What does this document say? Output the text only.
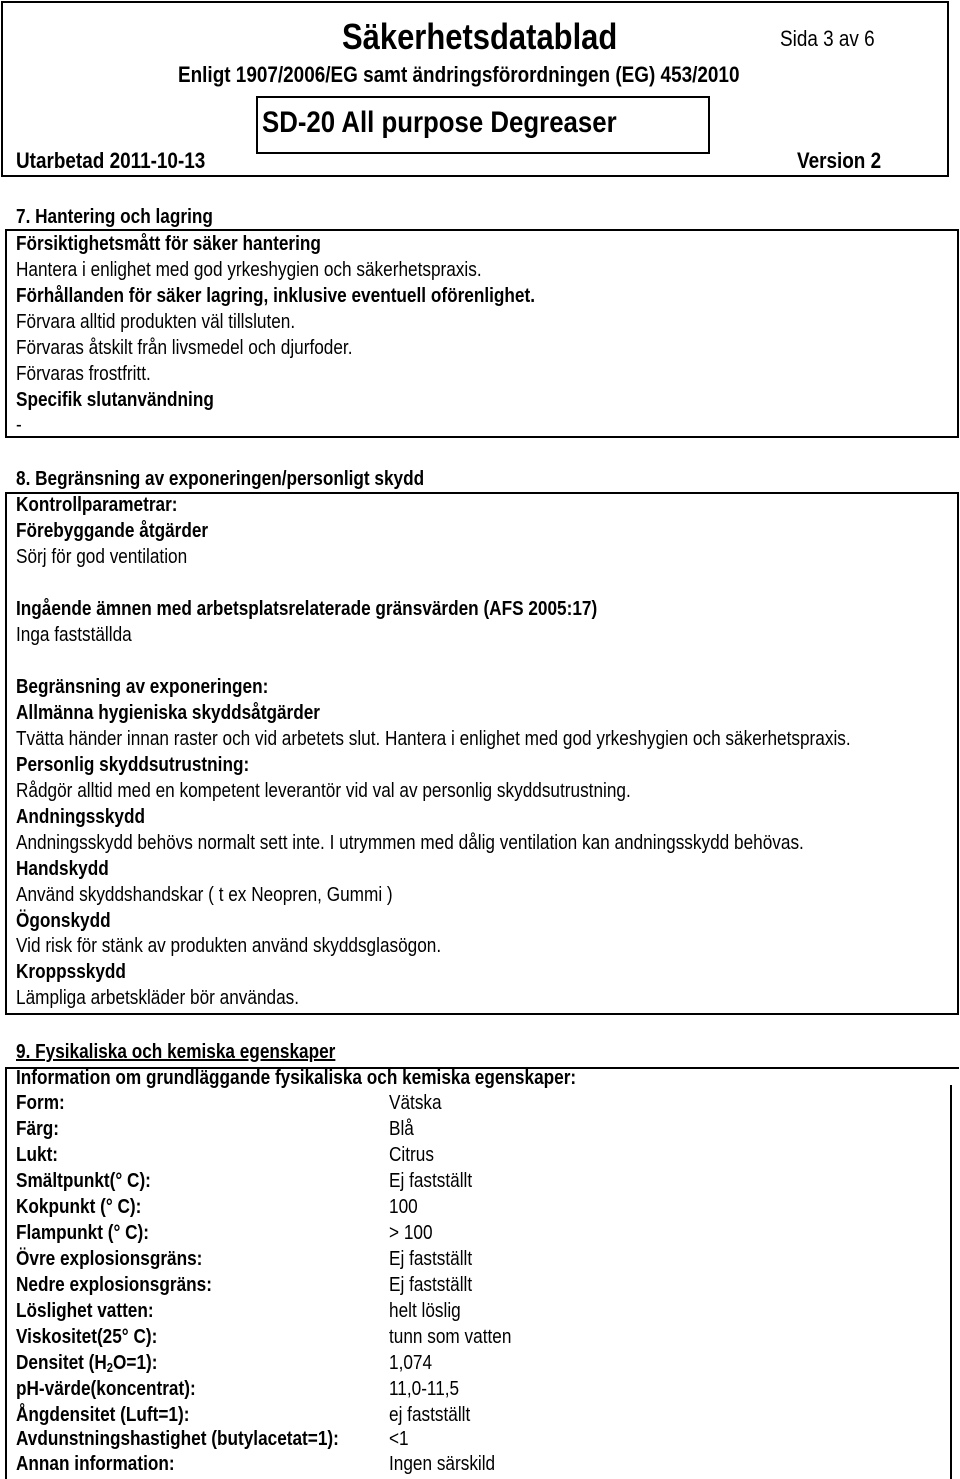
Säkerhetsdatablad	Sida 3 av 6
Enligt 1907/2006/EG samt ändringsförordningen (EG) 453/2010
SD-20 All purpose Degreaser
Utarbetad 2011-10-13	Version 2
7. Hantering och lagring
Försiktighetsmått för säker hantering
Hantera i enlighet med god yrkeshygien och säkerhetspraxis.
Förhållanden för säker lagring, inklusive eventuell oförenlighet.
Förvara alltid produkten väl tillsluten.
Förvaras åtskilt från livsmedel och djurfoder.
Förvaras frostfritt.
Specifik slutanvändning
-
8. Begränsning av exponeringen/personligt skydd
Kontrollparametrar:
Förebyggande åtgärder
Sörj för god ventilation
Ingående ämnen med arbetsplatsrelaterade gränsvärden (AFS 2005:17)
Inga fastställda
Begränsning av exponeringen:
Allmänna hygieniska skyddsåtgärder
Tvätta händer innan raster och vid arbetets slut. Hantera i enlighet med god yrkeshygien och säkerhetspraxis.
Personlig skyddsutrustning:
Rådgör alltid med en kompetent leverantör vid val av personlig skyddsutrustning.
Andningsskydd
Andningsskydd behövs normalt sett inte. I utrymmen med dålig ventilation kan andningsskydd behövas.
Handskydd
Använd skyddshandskar ( t ex Neopren, Gummi )
Ögonskydd
Vid risk för stänk av produkten använd skyddsglasögon.
Kroppsskydd
Lämpliga arbetskläder bör användas.
9. Fysikaliska och kemiska egenskaper
Information om grundläggande fysikaliska och kemiska egenskaper:
Form:	Vätska
Färg:	Blå
Lukt:	Citrus
Smältpunkt(° C):	Ej fastställt
Kokpunkt (° C):	100
Flampunkt (° C):	> 100
Övre explosionsgräns:	Ej fastställt
Nedre explosionsgräns:	Ej fastställt
Löslighet vatten:	helt löslig
Viskositet(25° C):	tunn som vatten
Densitet $(H_2O=1)$:	1,074
pH-värde(koncentrat):	11,0-11,5
Ångdensitet (Luft=1):	ej fastställt
Avdunstningshastighet (butylacetat=1):	<1
Annan information:	Ingen särskild
